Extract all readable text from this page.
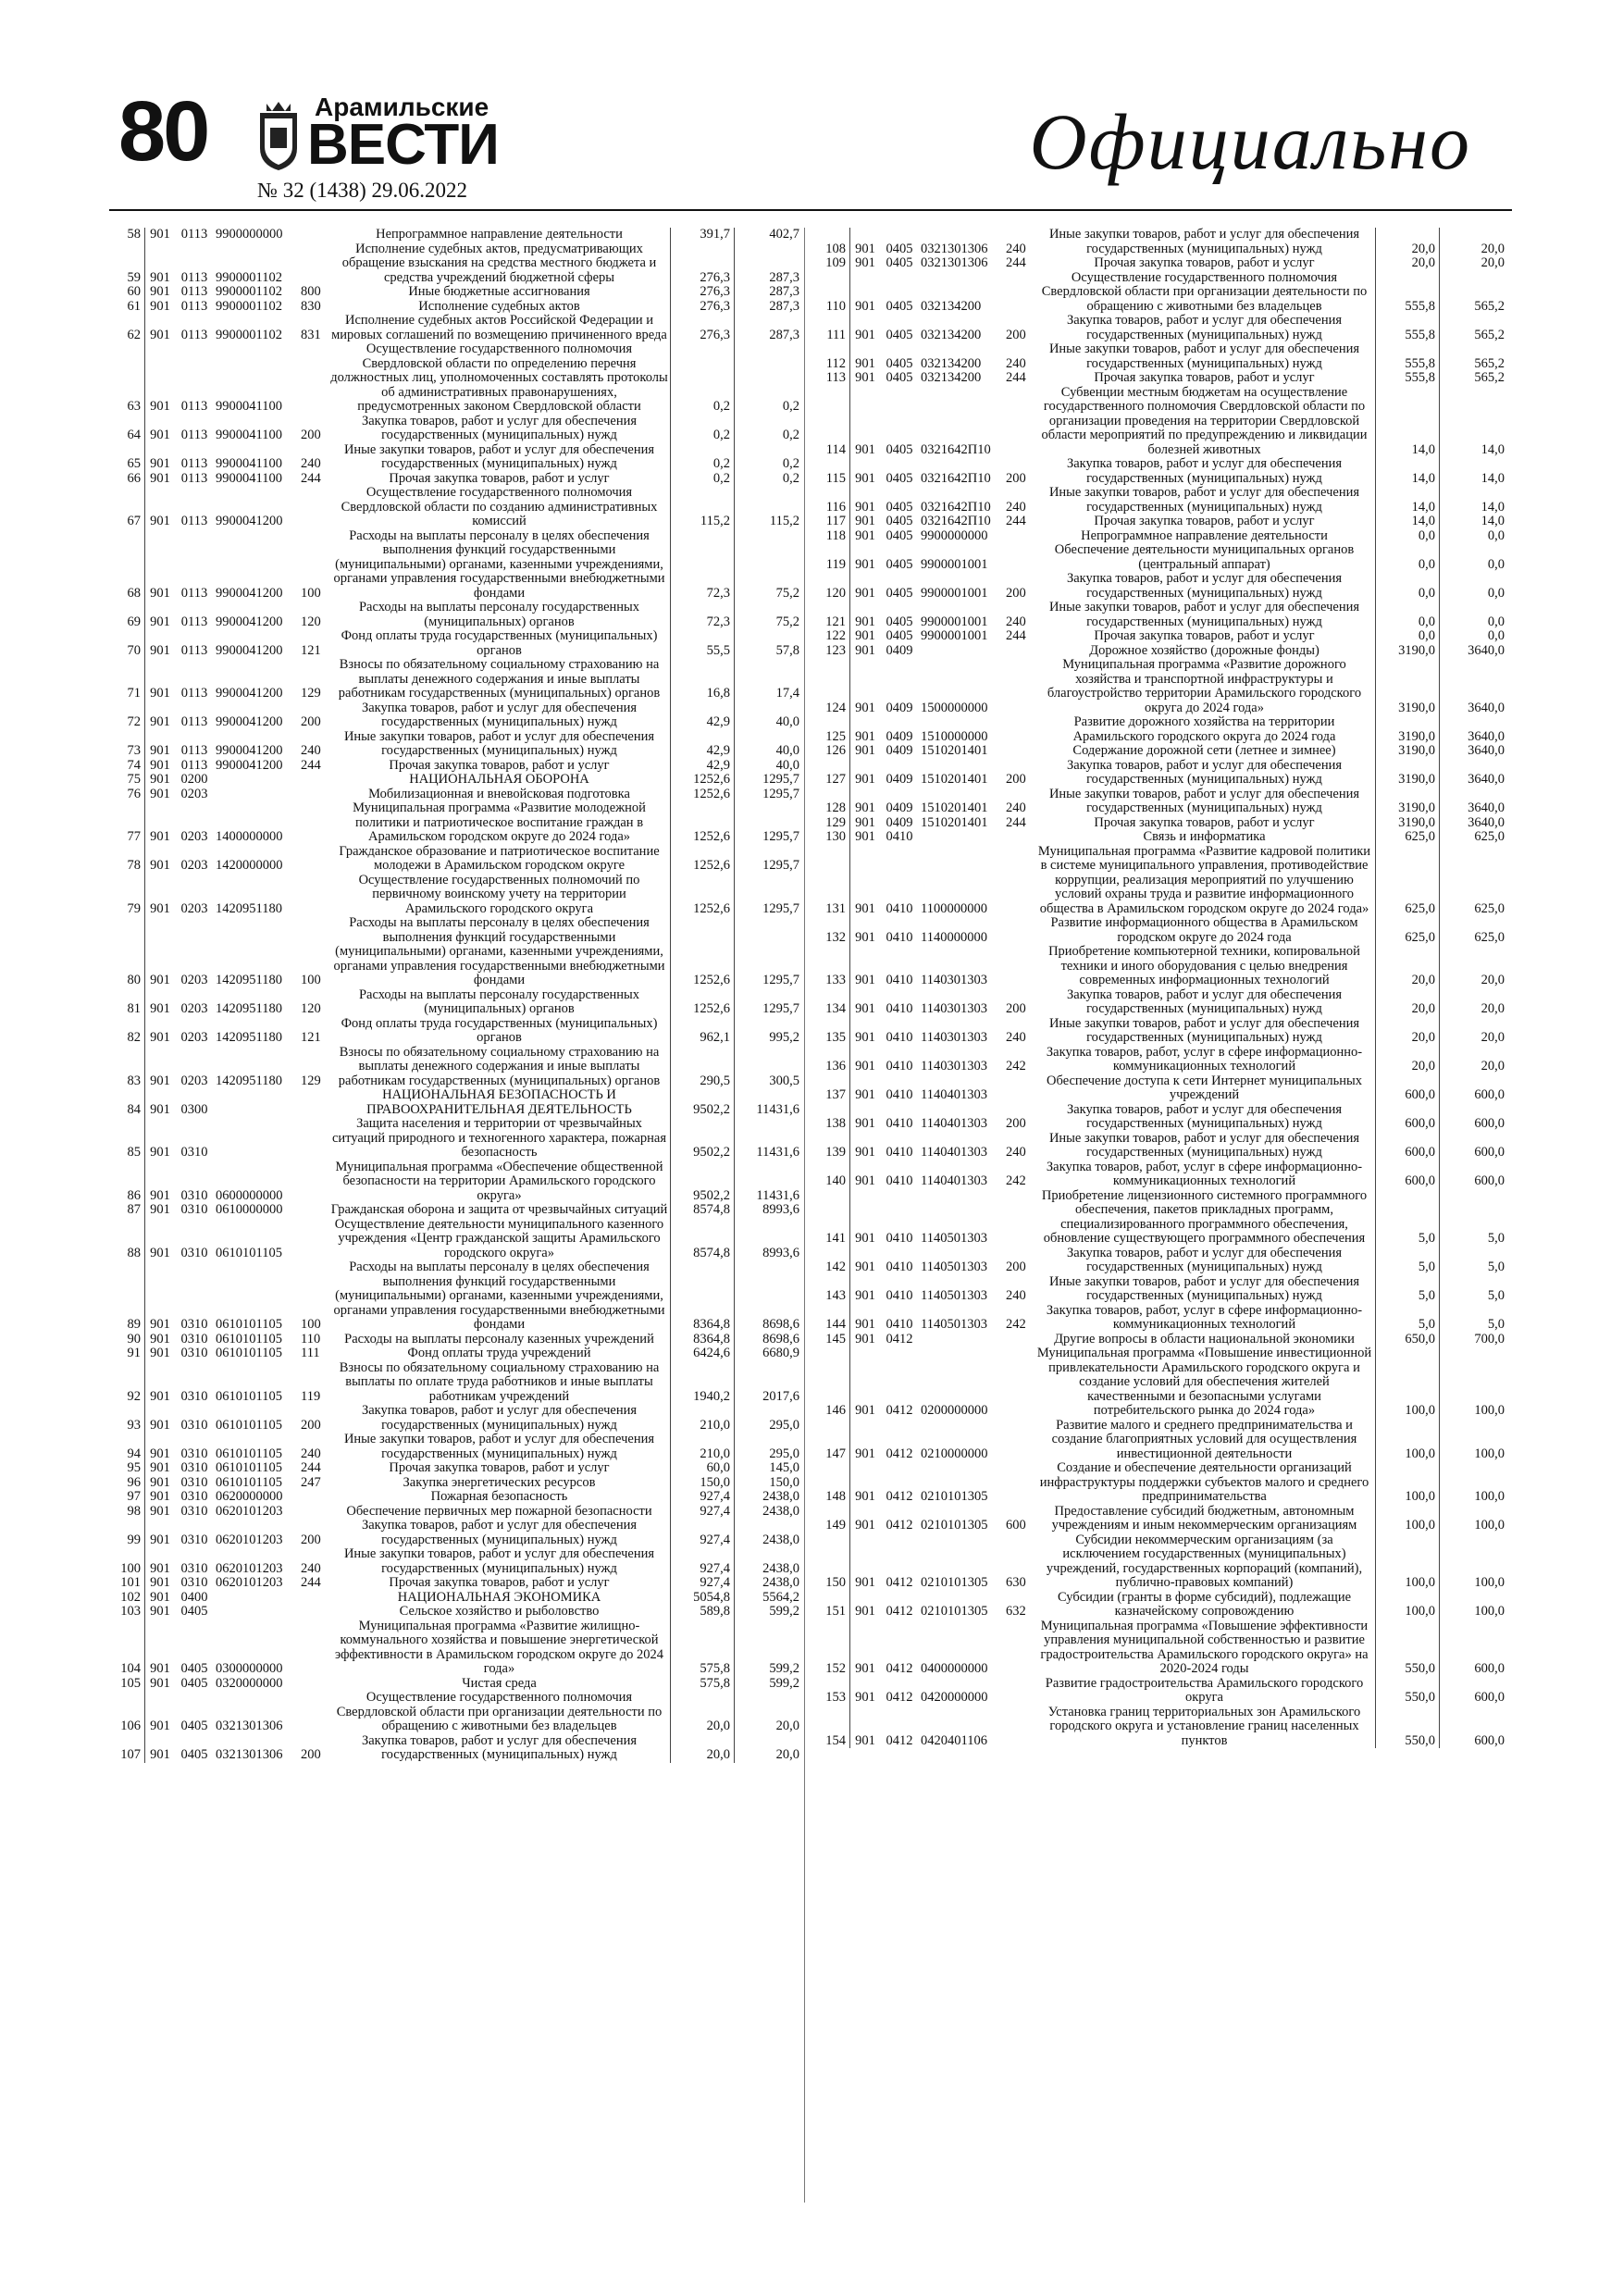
80	Арамильские
ВЕСТИ
№ 32 (1438) 29.06.2022
Официально
58	901	0113	9900000000		Непрограммное направление деятельности	391,7	402,7
59	901	0113	9900001102		Исполнение судебных актов, предусматривающих обращение взыскания на средства местного бюджета и средства учреждений бюджетной сферы	276,3	287,3
60	901	0113	9900001102	800	Иные бюджетные ассигнования	276,3	287,3
61	901	0113	9900001102	830	Исполнение судебных актов	276,3	287,3
62	901	0113	9900001102	831	Исполнение судебных актов Российской Федерации и мировых соглашений по возмещению причиненного вреда	276,3	287,3
63	901	0113	9900041100		Осуществление государственного полномочия Свердловской области по определению перечня должностных лиц, уполномоченных составлять протоколы об административных правонарушениях, предусмотренных законом Свердловской области	0,2	0,2
64	901	0113	9900041100	200	Закупка товаров, работ и услуг для обеспечения государственных (муниципальных) нужд	0,2	0,2
65	901	0113	9900041100	240	Иные закупки товаров, работ и услуг для обеспечения государственных (муниципальных) нужд	0,2	0,2
66	901	0113	9900041100	244	Прочая закупка товаров, работ и услуг	0,2	0,2
67	901	0113	9900041200		Осуществление государственного полномочия Свердловской области по созданию административных комиссий	115,2	115,2
68	901	0113	9900041200	100	Расходы на выплаты персоналу в целях обеспечения выполнения функций государственными (муниципальными) органами, казенными учреждениями, органами управления государственными внебюджетными фондами	72,3	75,2
69	901	0113	9900041200	120	Расходы на выплаты персоналу государственных (муниципальных) органов	72,3	75,2
70	901	0113	9900041200	121	Фонд оплаты труда государственных (муниципальных) органов	55,5	57,8
71	901	0113	9900041200	129	Взносы по обязательному социальному страхованию на выплаты денежного содержания и иные выплаты работникам государственных (муниципальных) органов	16,8	17,4
72	901	0113	9900041200	200	Закупка товаров, работ и услуг для обеспечения государственных (муниципальных) нужд	42,9	40,0
73	901	0113	9900041200	240	Иные закупки товаров, работ и услуг для обеспечения государственных (муниципальных) нужд	42,9	40,0
74	901	0113	9900041200	244	Прочая закупка товаров, работ и услуг	42,9	40,0
75	901	0200			НАЦИОНАЛЬНАЯ ОБОРОНА	1252,6	1295,7
76	901	0203			Мобилизационная и вневойсковая подготовка	1252,6	1295,7
77	901	0203	1400000000		Муниципальная программа «Развитие молодежной политики и патриотическое воспитание граждан в Арамильском городском округе до 2024 года»	1252,6	1295,7
78	901	0203	1420000000		Гражданское образование и патриотическое воспитание молодежи в Арамильском городском округе	1252,6	1295,7
79	901	0203	1420951180		Осуществление государственных полномочий по первичному воинскому учету на территории Арамильского городского округа	1252,6	1295,7
80	901	0203	1420951180	100	Расходы на выплаты персоналу в целях обеспечения выполнения функций государственными (муниципальными) органами, казенными учреждениями, органами управления государственными внебюджетными фондами	1252,6	1295,7
81	901	0203	1420951180	120	Расходы на выплаты персоналу государственных (муниципальных) органов	1252,6	1295,7
82	901	0203	1420951180	121	Фонд оплаты труда государственных (муниципальных) органов	962,1	995,2
83	901	0203	1420951180	129	Взносы по обязательному социальному страхованию на выплаты денежного содержания и иные выплаты работникам государственных (муниципальных) органов	290,5	300,5
84	901	0300			НАЦИОНАЛЬНАЯ БЕЗОПАСНОСТЬ И ПРАВООХРАНИТЕЛЬНАЯ ДЕЯТЕЛЬНОСТЬ	9502,2	11431,6
85	901	0310			Защита населения и территории от чрезвычайных ситуаций природного и техногенного характера, пожарная безопасность	9502,2	11431,6
86	901	0310	0600000000		Муниципальная программа «Обеспечение общественной безопасности на территории Арамильского городского округа»	9502,2	11431,6
87	901	0310	0610000000		Гражданская оборона и защита от чрезвычайных ситуаций	8574,8	8993,6
88	901	0310	0610101105		Осуществление деятельности муниципального казенного учреждения «Центр гражданской защиты Арамильского городского округа»	8574,8	8993,6
89	901	0310	0610101105	100	Расходы на выплаты персоналу в целях обеспечения выполнения функций государственными (муниципальными) органами, казенными учреждениями, органами управления государственными внебюджетными фондами	8364,8	8698,6
90	901	0310	0610101105	110	Расходы на выплаты персоналу казенных учреждений	8364,8	8698,6
91	901	0310	0610101105	111	Фонд оплаты труда учреждений	6424,6	6680,9
92	901	0310	0610101105	119	Взносы по обязательному социальному страхованию на выплаты по оплате труда работников и иные выплаты работникам учреждений	1940,2	2017,6
93	901	0310	0610101105	200	Закупка товаров, работ и услуг для обеспечения государственных (муниципальных) нужд	210,0	295,0
94	901	0310	0610101105	240	Иные закупки товаров, работ и услуг для обеспечения государственных (муниципальных) нужд	210,0	295,0
95	901	0310	0610101105	244	Прочая закупка товаров, работ и услуг	60,0	145,0
96	901	0310	0610101105	247	Закупка энергетических ресурсов	150,0	150,0
97	901	0310	0620000000		Пожарная безопасность	927,4	2438,0
98	901	0310	0620101203		Обеспечение первичных мер пожарной безопасности	927,4	2438,0
99	901	0310	0620101203	200	Закупка товаров, работ и услуг для обеспечения государственных (муниципальных) нужд	927,4	2438,0
100	901	0310	0620101203	240	Иные закупки товаров, работ и услуг для обеспечения государственных (муниципальных) нужд	927,4	2438,0
101	901	0310	0620101203	244	Прочая закупка товаров, работ и услуг	927,4	2438,0
102	901	0400			НАЦИОНАЛЬНАЯ ЭКОНОМИКА	5054,8	5564,2
103	901	0405			Сельское хозяйство и рыболовство	589,8	599,2
104	901	0405	0300000000		Муниципальная программа «Развитие жилищно-коммунального хозяйства и повышение энергетической эффективности в Арамильском городском округе до 2024 года»	575,8	599,2
105	901	0405	0320000000		Чистая среда	575,8	599,2
106	901	0405	0321301306		Осуществление государственного полномочия Свердловской области при организации деятельности по обращению с животными без владельцев	20,0	20,0
107	901	0405	0321301306	200	Закупка товаров, работ и услуг для обеспечения государственных (муниципальных) нужд	20,0	20,0
108	901	0405	0321301306	240	Иные закупки товаров, работ и услуг для обеспечения государственных (муниципальных) нужд	20,0	20,0
109	901	0405	0321301306	244	Прочая закупка товаров, работ и услуг	20,0	20,0
110	901	0405	032134200		Осуществление государственного полномочия Свердловской области при организации деятельности по обращению с животными без владельцев	555,8	565,2
111	901	0405	032134200	200	Закупка товаров, работ и услуг для обеспечения государственных (муниципальных) нужд	555,8	565,2
112	901	0405	032134200	240	Иные закупки товаров, работ и услуг для обеспечения государственных (муниципальных) нужд	555,8	565,2
113	901	0405	032134200	244	Прочая закупка товаров, работ и услуг	555,8	565,2
114	901	0405	0321642П10		Субвенции местным бюджетам на осуществление государственного полномочия Свердловской области по организации проведения на территории Свердловской области мероприятий по предупреждению и ликвидации болезней животных	14,0	14,0
115	901	0405	0321642П10	200	Закупка товаров, работ и услуг для обеспечения государственных (муниципальных) нужд	14,0	14,0
116	901	0405	0321642П10	240	Иные закупки товаров, работ и услуг для обеспечения государственных (муниципальных) нужд	14,0	14,0
117	901	0405	0321642П10	244	Прочая закупка товаров, работ и услуг	14,0	14,0
118	901	0405	9900000000		Непрограммное направление деятельности	0,0	0,0
119	901	0405	9900001001		Обеспечение деятельности муниципальных органов (центральный аппарат)	0,0	0,0
120	901	0405	9900001001	200	Закупка товаров, работ и услуг для обеспечения государственных (муниципальных) нужд	0,0	0,0
121	901	0405	9900001001	240	Иные закупки товаров, работ и услуг для обеспечения государственных (муниципальных) нужд	0,0	0,0
122	901	0405	9900001001	244	Прочая закупка товаров, работ и услуг	0,0	0,0
123	901	0409			Дорожное хозяйство (дорожные фонды)	3190,0	3640,0
124	901	0409	1500000000		Муниципальная программа «Развитие дорожного хозяйства и транспортной инфраструктуры и благоустройство территории Арамильского городского округа до 2024 года»	3190,0	3640,0
125	901	0409	1510000000		Развитие дорожного хозяйства на территории Арамильского городского округа до 2024 года	3190,0	3640,0
126	901	0409	1510201401		Содержание дорожной сети (летнее и зимнее)	3190,0	3640,0
127	901	0409	1510201401	200	Закупка товаров, работ и услуг для обеспечения государственных (муниципальных) нужд	3190,0	3640,0
128	901	0409	1510201401	240	Иные закупки товаров, работ и услуг для обеспечения государственных (муниципальных) нужд	3190,0	3640,0
129	901	0409	1510201401	244	Прочая закупка товаров, работ и услуг	3190,0	3640,0
130	901	0410			Связь и информатика	625,0	625,0
131	901	0410	1100000000		Муниципальная программа «Развитие кадровой политики в системе муниципального управления, противодействие коррупции, реализация мероприятий по улучшению условий охраны труда и развитие информационного общества в Арамильском городском округе до 2024 года»	625,0	625,0
132	901	0410	1140000000		Развитие информационного общества в Арамильском городском округе до 2024 года	625,0	625,0
133	901	0410	1140301303		Приобретение компьютерной техники, копировальной техники и иного оборудования с целью внедрения современных информационных технологий	20,0	20,0
134	901	0410	1140301303	200	Закупка товаров, работ и услуг для обеспечения государственных (муниципальных) нужд	20,0	20,0
135	901	0410	1140301303	240	Иные закупки товаров, работ и услуг для обеспечения государственных (муниципальных) нужд	20,0	20,0
136	901	0410	1140301303	242	Закупка товаров, работ, услуг в сфере информационно-коммуникационных технологий	20,0	20,0
137	901	0410	1140401303		Обеспечение доступа к сети Интернет муниципальных учреждений	600,0	600,0
138	901	0410	1140401303	200	Закупка товаров, работ и услуг для обеспечения государственных (муниципальных) нужд	600,0	600,0
139	901	0410	1140401303	240	Иные закупки товаров, работ и услуг для обеспечения государственных (муниципальных) нужд	600,0	600,0
140	901	0410	1140401303	242	Закупка товаров, работ, услуг в сфере информационно-коммуникационных технологий	600,0	600,0
141	901	0410	1140501303		Приобретение лицензионного системного программного обеспечения, пакетов прикладных программ, специализированного программного обеспечения, обновление существующего программного обеспечения	5,0	5,0
142	901	0410	1140501303	200	Закупка товаров, работ и услуг для обеспечения государственных (муниципальных) нужд	5,0	5,0
143	901	0410	1140501303	240	Иные закупки товаров, работ и услуг для обеспечения государственных (муниципальных) нужд	5,0	5,0
144	901	0410	1140501303	242	Закупка товаров, работ, услуг в сфере информационно-коммуникационных технологий	5,0	5,0
145	901	0412			Другие вопросы в области национальной экономики	650,0	700,0
146	901	0412	0200000000		Муниципальная программа «Повышение инвестиционной привлекательности Арамильского городского округа и создание условий для обеспечения жителей качественными и безопасными услугами потребительского рынка до 2024 года»	100,0	100,0
147	901	0412	0210000000		Развитие малого и среднего предпринимательства и создание благоприятных условий для осуществления инвестиционной деятельности	100,0	100,0
148	901	0412	0210101305		Создание и обеспечение деятельности организаций инфраструктуры поддержки субъектов малого и среднего предпринимательства	100,0	100,0
149	901	0412	0210101305	600	Предоставление субсидий бюджетным, автономным учреждениям и иным некоммерческим организациям	100,0	100,0
150	901	0412	0210101305	630	Субсидии некоммерческим организациям (за исключением государственных (муниципальных) учреждений, государственных корпораций (компаний), публично-правовых компаний)	100,0	100,0
151	901	0412	0210101305	632	Субсидии (гранты в форме субсидий), подлежащие казначейскому сопровождению	100,0	100,0
152	901	0412	0400000000		Муниципальная программа «Повышение эффективности управления муниципальной собственностью и развитие градостроительства Арамильского городского округа» на 2020-2024 годы	550,0	600,0
153	901	0412	0420000000		Развитие градостроительства Арамильского городского округа	550,0	600,0
154	901	0412	0420401106		Установка границ территориальных зон Арамильского городского округа и установление границ населенных пунктов	550,0	600,0
